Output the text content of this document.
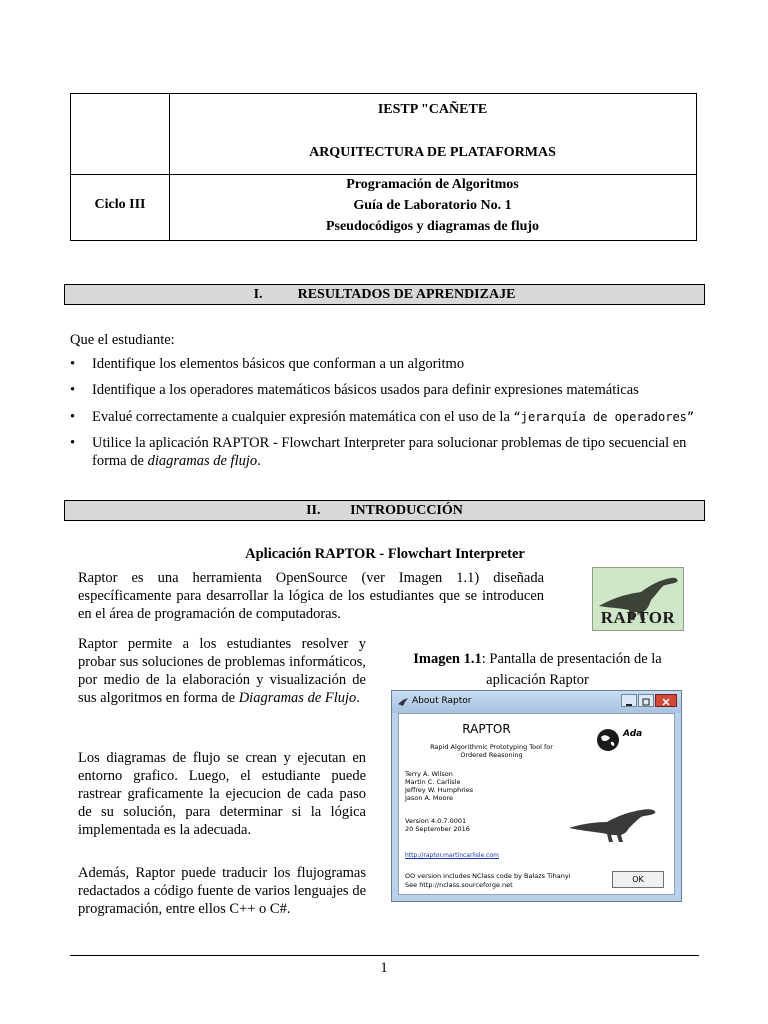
IESTP "CAÑETE
ARQUITECTURA DE PLATAFORMAS
Ciclo III
Programación de Algoritmos
Guía de Laboratorio No. 1
Pseudocódigos y diagramas de flujo
I.	RESULTADOS DE APRENDIZAJE
Que el estudiante:
• Identifique los elementos básicos que conforman a un algoritmo
• Identifique a los operadores matemáticos básicos usados para definir expresiones matemáticas
• Evalué correctamente a cualquier expresión matemática con el uso de la “jerarquía de operadores”
• Utilice la aplicación RAPTOR - Flowchart Interpreter para solucionar problemas de tipo secuencial en forma de diagramas de flujo.
II. INTRODUCCIÓN
Aplicación RAPTOR - Flowchart Interpreter
Raptor es una herramienta OpenSource (ver Imagen 1.1) diseñada específicamente para desarrollar la lógica de los estudiantes que se introducen en el área de programación de computadoras.	RAPTOR
Raptor permite a los estudiantes resolver y probar sus soluciones de problemas informáticos, por medio de la elaboración y visualización de sus algoritmos en forma de Diagramas de Flujo.
Los diagramas de flujo se crean y ejecutan en entorno grafico. Luego, el estudiante puede rastrear graficamente la ejecucion de cada paso de su solución, para determinar si la lógica implementada es la adecuada.
Además, Raptor puede traducir los flujogramas redactados a código fuente de varios lenguajes de programación, entre ellos C++ o C#.
Imagen 1.1: Pantalla de presentación de la aplicación Raptor
About Raptor
RAPTOR
Rapid Algorithmic Prototyping Tool for Ordered Reasoning
Ada
Terry A. Wilson
Martin C. Carlisle
Jeffrey W. Humphries
Jason A. Moore
Version 4.0.7.0001
20 September 2016
http://raptor.martincarlisle.com
OO version includes NClass code by Balazs Tihanyi
See http://nclass.sourceforge.net
OK
1
